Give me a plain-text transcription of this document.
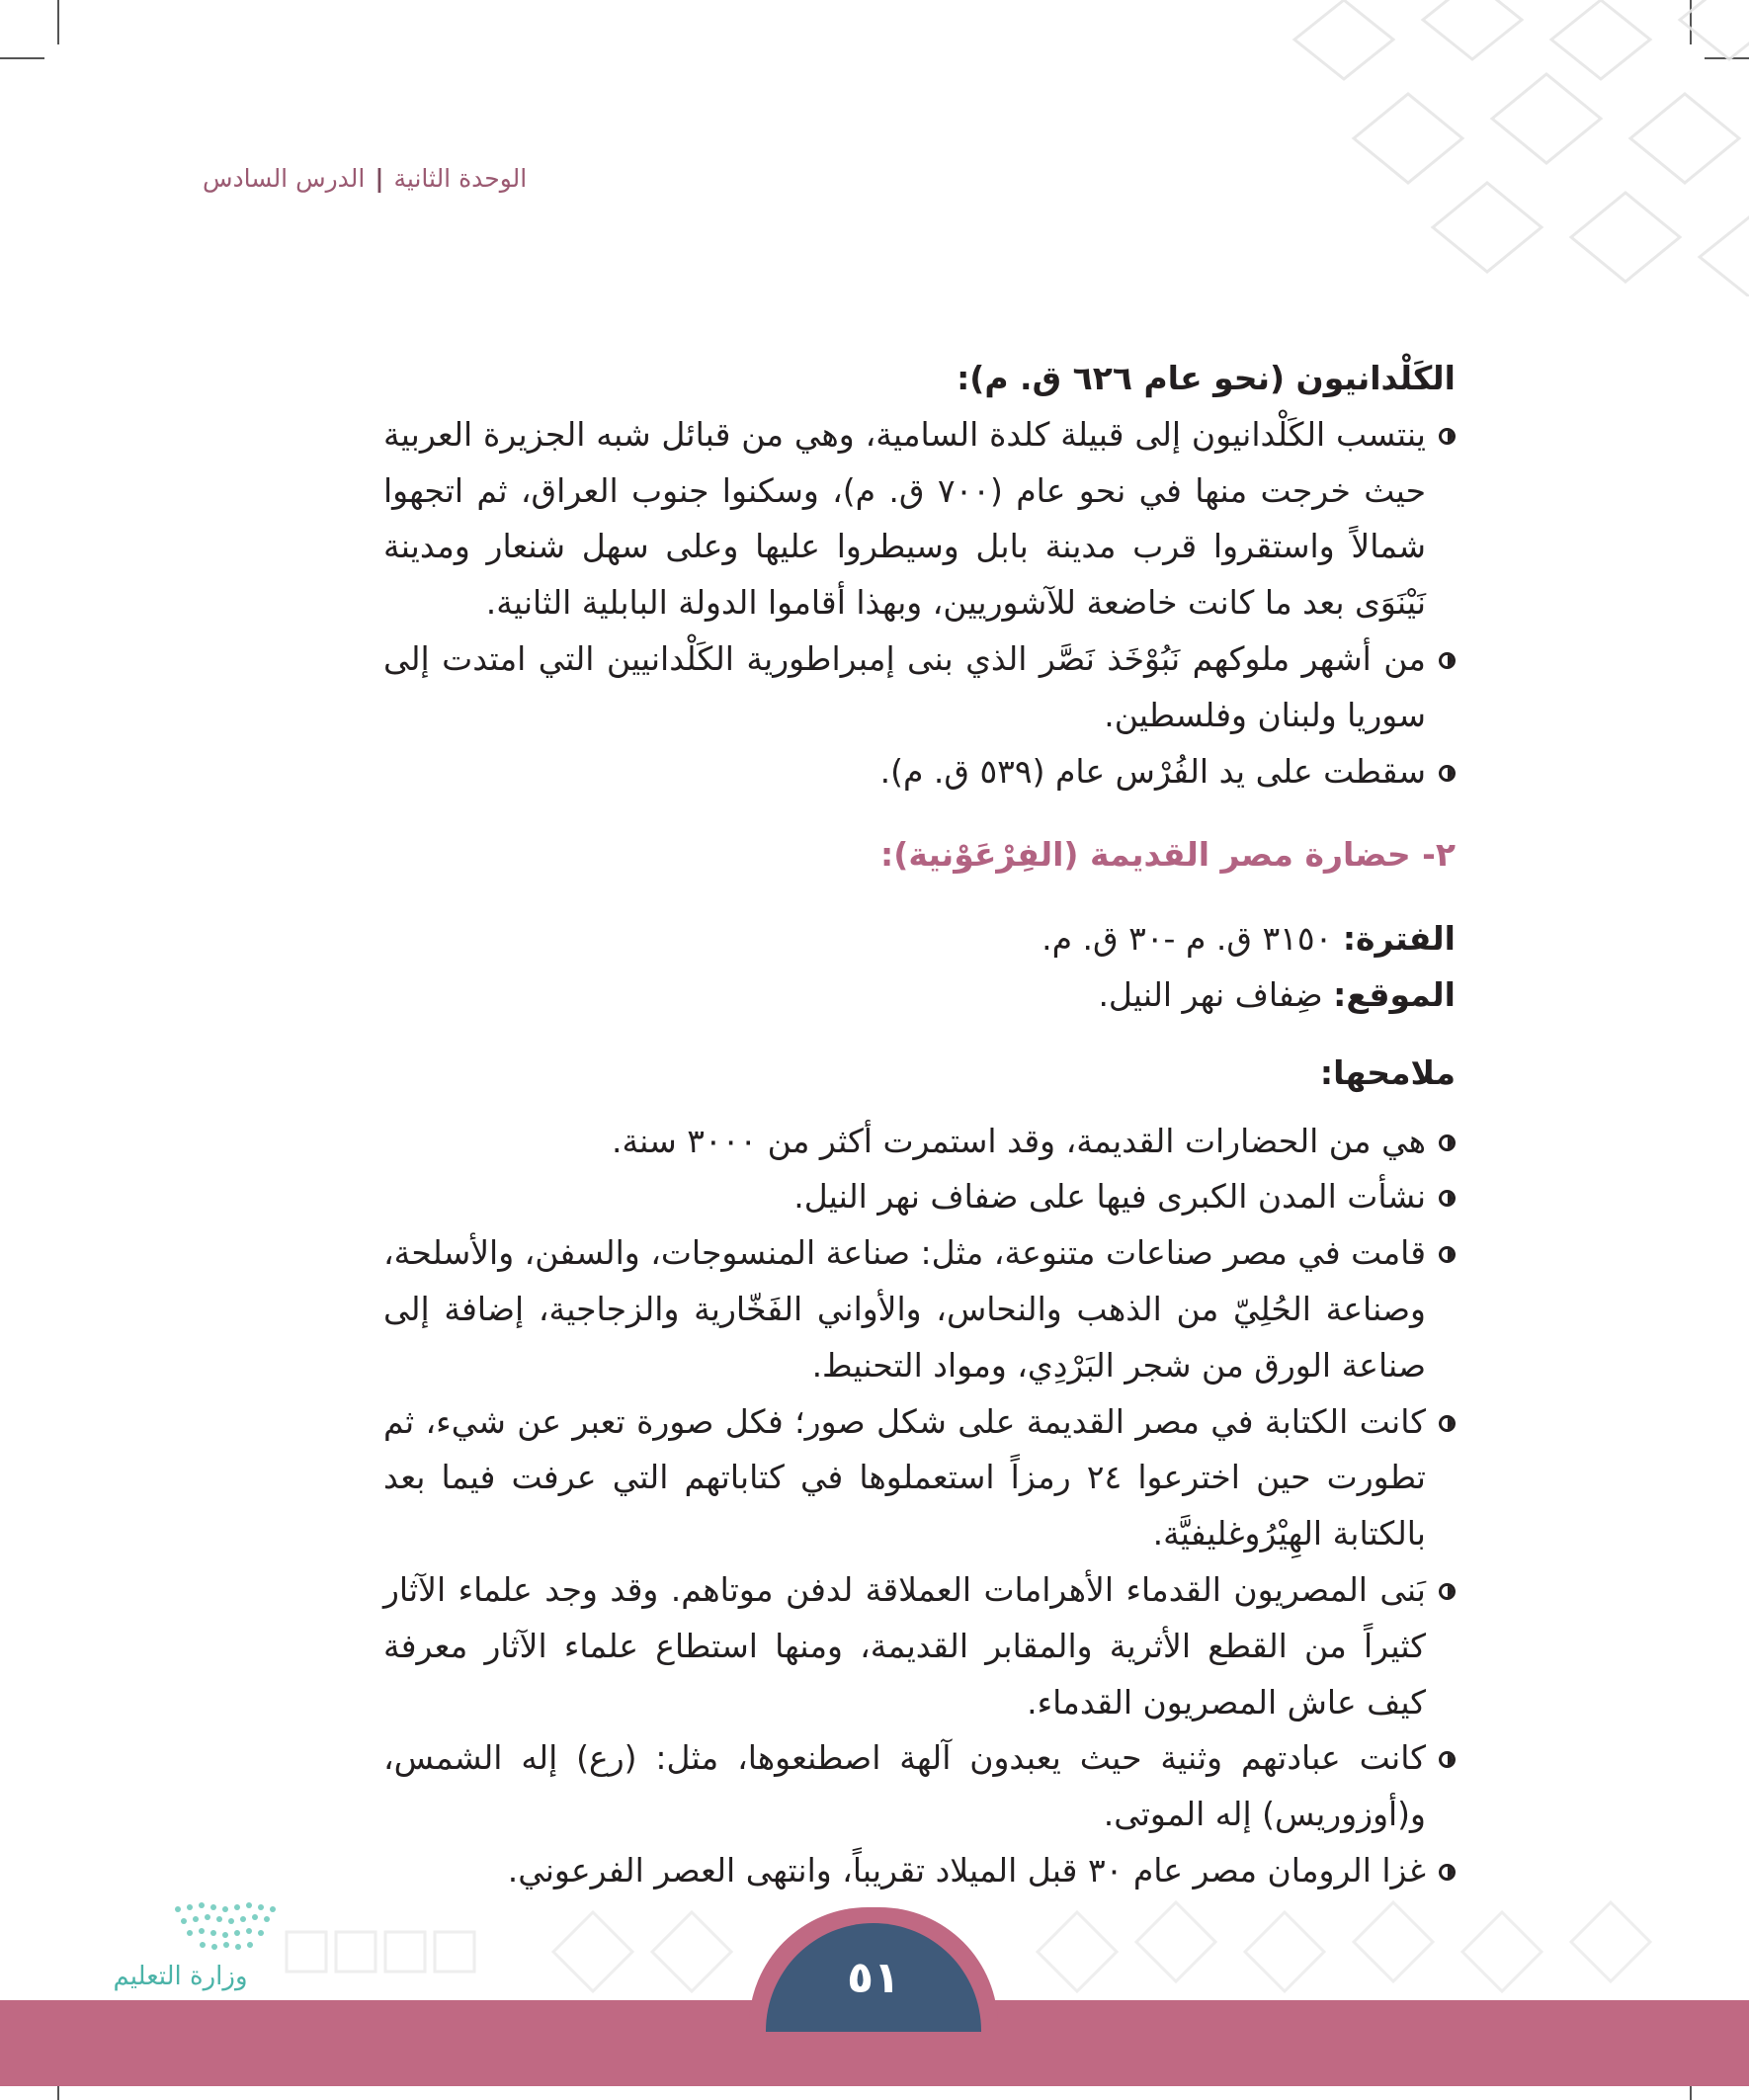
الوحدة الثانية
|
الدرس السادس

الكَلْدانيون (نحو عام ٦٢٦ ق. م):

ينتسب الكَلْدانيون إلى قبيلة كلدة السامية، وهي من قبائل شبه الجزيرة العربية حيث خرجت منها في نحو عام (٧٠٠ ق. م)، وسكنوا جنوب العراق، ثم اتجهوا شمالاً واستقروا قرب مدينة بابل وسيطروا عليها وعلى سهل شنعار ومدينة نَيْنَوَى بعد ما كانت خاضعة للآشوريين، وبهذا أقاموا الدولة البابلية الثانية.
من أشهر ملوكهم نَبُوْخَذ نَصَّر الذي بنى إمبراطورية الكَلْدانيين التي امتدت إلى سوريا ولبنان وفلسطين.
سقطت على يد الفُرْس عام (٥٣٩ ق. م).

٢- حضارة مصر القديمة (الفِرْعَوْنية):

الفترة: ٣١٥٠ ق. م -٣٠ ق. م.

الموقع: ضِفاف نهر النيل.

ملامحها:

هي من الحضارات القديمة، وقد استمرت أكثر من ٣٠٠٠ سنة.
نشأت المدن الكبرى فيها على ضفاف نهر النيل.
قامت في مصر صناعات متنوعة، مثل: صناعة المنسوجات، والسفن، والأسلحة، وصناعة الحُلِيّ من الذهب والنحاس، والأواني الفَخّارية والزجاجية، إضافة إلى صناعة الورق من شجر البَرْدِي، ومواد التحنيط.
كانت الكتابة في مصر القديمة على شكل صور؛ فكل صورة تعبر عن شيء، ثم تطورت حين اخترعوا ٢٤ رمزاً استعملوها في كتاباتهم التي عرفت فيما بعد بالكتابة الهِيْرُوغليفيَّة.
بَنى المصريون القدماء الأهرامات العملاقة لدفن موتاهم. وقد وجد علماء الآثار كثيراً من القطع الأثرية والمقابر القديمة، ومنها استطاع علماء الآثار معرفة كيف عاش المصريون القدماء.
كانت عبادتهم وثنية حيث يعبدون آلهة اصطنعوها، مثل: (رع) إله الشمس، و(أوزوريس) إله الموتى.
غزا الرومان مصر عام ٣٠ قبل الميلاد تقريباً، وانتهى العصر الفرعوني.
٥١
وزارة التعليم
